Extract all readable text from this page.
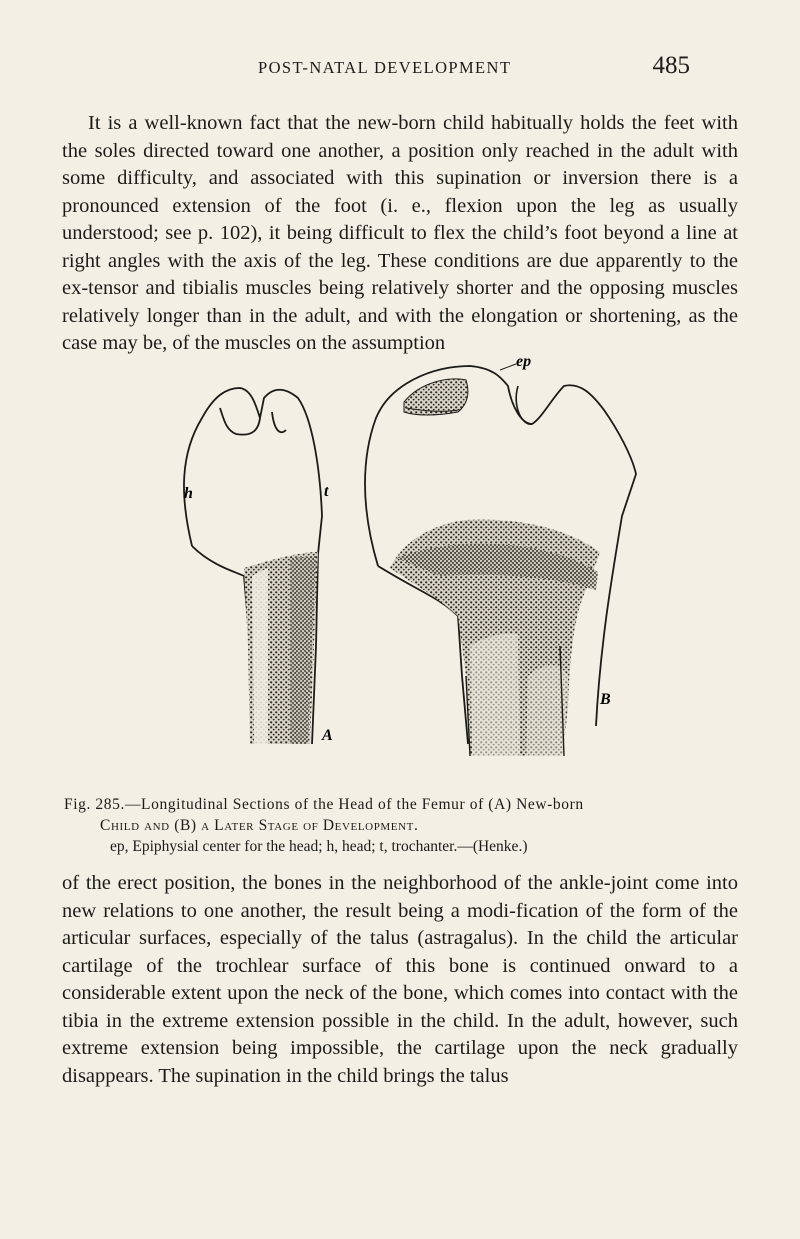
POST-NATAL DEVELOPMENT	485

It is a well-known fact that the new-born child habitually holds the feet with the soles directed toward one another, a position only reached in the adult with some difficulty, and associated with this supination or inversion there is a pronounced extension of the foot (i. e., flexion upon the leg as usually understood; see p. 102), it being difficult to flex the child’s foot beyond a line at right angles with the axis of the leg. These conditions are due apparently to the ex-tensor and tibialis muscles being relatively shorter and the opposing muscles relatively longer than in the adult, and with the elongation or shortening, as the case may be, of the muscles on the assumption

h	t
ep
A
B
Fig. 285.—Longitudinal Sections of the Head of the Femur of (A) New-born
Child and (B) a Later Stage of Development.
ep, Epiphysial center for the head; h, head; t, trochanter.—(Henke.)

of the erect position, the bones in the neighborhood of the ankle-joint come into new relations to one another, the result being a modi-fication of the form of the articular surfaces, especially of the talus (astragalus). In the child the articular cartilage of the trochlear surface of this bone is continued onward to a considerable extent upon the neck of the bone, which comes into contact with the tibia in the extreme extension possible in the child. In the adult, however, such extreme extension being impossible, the cartilage upon the neck gradually disappears. The supination in the child brings the talus
